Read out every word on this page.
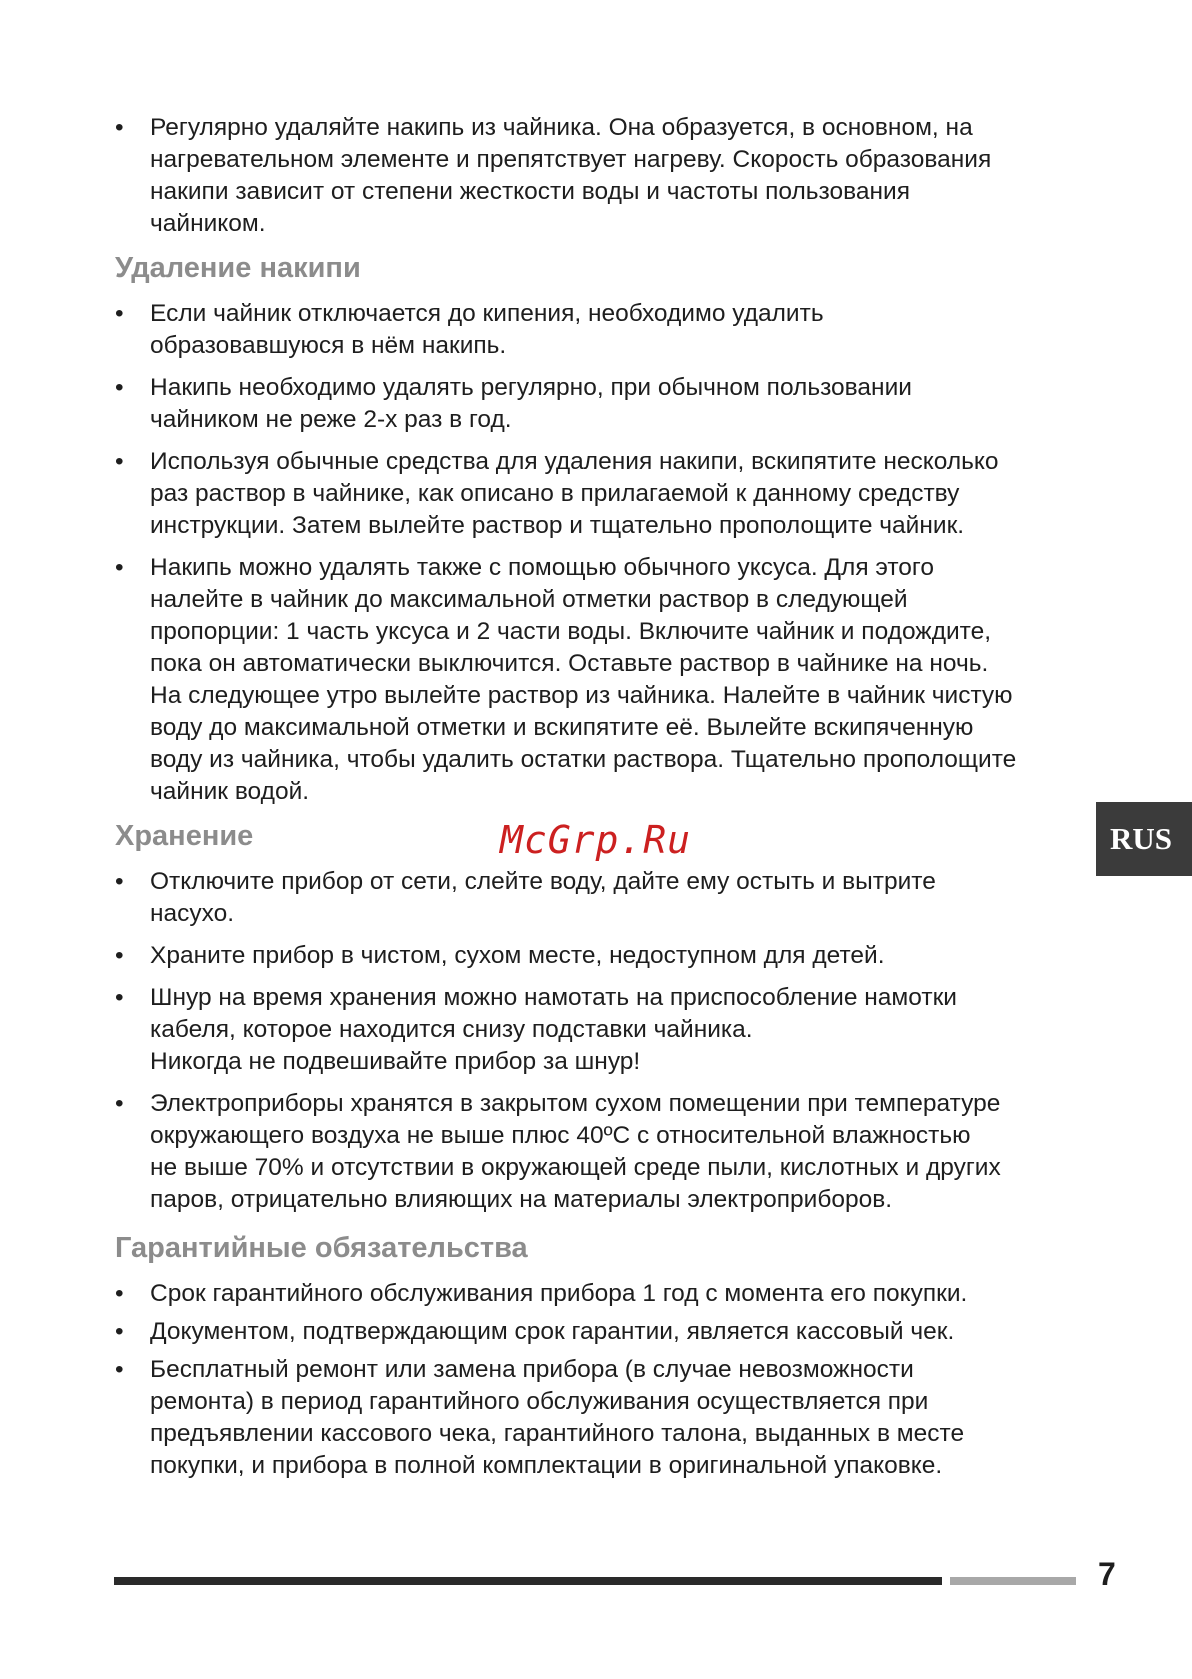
•	Регулярно удаляйте накипь из чайника. Она образуется, в основном, на
нагревательном элементе и препятствует нагреву. Скорость образования
накипи зависит от степени жесткости воды и частоты пользования
чайником.
Удаление накипи
•	Если чайник отключается до кипения, необходимо удалить
образовавшуюся в нём накипь.
•	Накипь необходимо удалять регулярно, при обычном пользовании
чайником не реже 2-х раз в год.
•	Используя обычные средства для удаления накипи, вскипятите несколько
раз раствор в чайнике, как описано в прилагаемой к данному средству
инструкции. Затем вылейте раствор и тщательно прополощите чайник.
•	Накипь можно удалять также с помощью обычного уксуса. Для этого
налейте в чайник до максимальной отметки раствор в следующей
пропорции: 1 часть уксуса и 2 части воды. Включите чайник и подождите,
пока он автоматически выключится. Оставьте раствор в чайнике на ночь.
На следующее утро вылейте раствор из чайника. Налейте в чайник чистую
воду до максимальной отметки и вскипятите её. Вылейте вскипяченную
воду из чайника, чтобы удалить остатки раствора. Тщательно прополощите
чайник водой.
Хранение
•	Отключите прибор от сети, слейте воду, дайте ему остыть и вытрите
насухо.
•	Храните прибор в чистом, сухом месте, недоступном для детей.
•	Шнур на время хранения можно намотать на приспособление намотки
кабеля, которое находится снизу подставки чайника.
Никогда не подвешивайте прибор за шнур!
•	Электроприборы хранятся в закрытом сухом помещении при температуре
окружающего воздуха не выше плюс 40ºС с относительной влажностью
не выше 70% и отсутствии в окружающей среде пыли, кислотных и других
паров, отрицательно влияющих на материалы электроприборов.
Гарантийные обязательства
•	Срок гарантийного обслуживания прибора 1 год с момента его покупки.
•	Документом, подтверждающим срок гарантии, является кассовый чек.
•	Бесплатный ремонт или замена прибора (в случае невозможности
ремонта) в период гарантийного обслуживания осуществляется при
предъявлении кассового чека, гарантийного талона, выданных в месте
покупки, и прибора в полной комплектации в оригинальной упаковке.
McGrp.Ru	RUS
7
